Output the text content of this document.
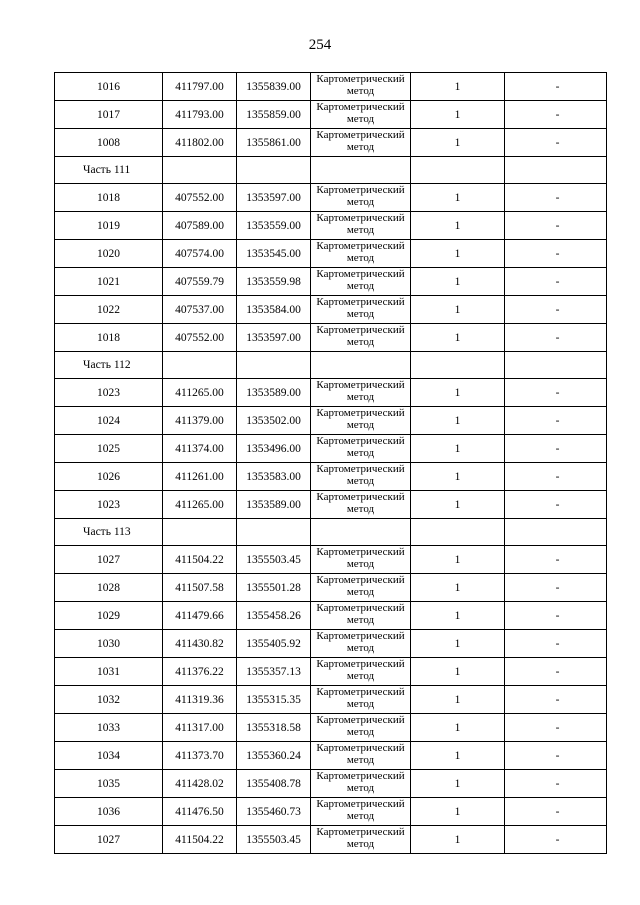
254
1016	411797.00	1355839.00	Картометрический метод	1	-
1017	411793.00	1355859.00	Картометрический метод	1	-
1008	411802.00	1355861.00	Картометрический метод	1	-
Часть 111					
1018	407552.00	1353597.00	Картометрический метод	1	-
1019	407589.00	1353559.00	Картометрический метод	1	-
1020	407574.00	1353545.00	Картометрический метод	1	-
1021	407559.79	1353559.98	Картометрический метод	1	-
1022	407537.00	1353584.00	Картометрический метод	1	-
1018	407552.00	1353597.00	Картометрический метод	1	-
Часть 112					
1023	411265.00	1353589.00	Картометрический метод	1	-
1024	411379.00	1353502.00	Картометрический метод	1	-
1025	411374.00	1353496.00	Картометрический метод	1	-
1026	411261.00	1353583.00	Картометрический метод	1	-
1023	411265.00	1353589.00	Картометрический метод	1	-
Часть 113					
1027	411504.22	1355503.45	Картометрический метод	1	-
1028	411507.58	1355501.28	Картометрический метод	1	-
1029	411479.66	1355458.26	Картометрический метод	1	-
1030	411430.82	1355405.92	Картометрический метод	1	-
1031	411376.22	1355357.13	Картометрический метод	1	-
1032	411319.36	1355315.35	Картометрический метод	1	-
1033	411317.00	1355318.58	Картометрический метод	1	-
1034	411373.70	1355360.24	Картометрический метод	1	-
1035	411428.02	1355408.78	Картометрический метод	1	-
1036	411476.50	1355460.73	Картометрический метод	1	-
1027	411504.22	1355503.45	Картометрический метод	1	-
